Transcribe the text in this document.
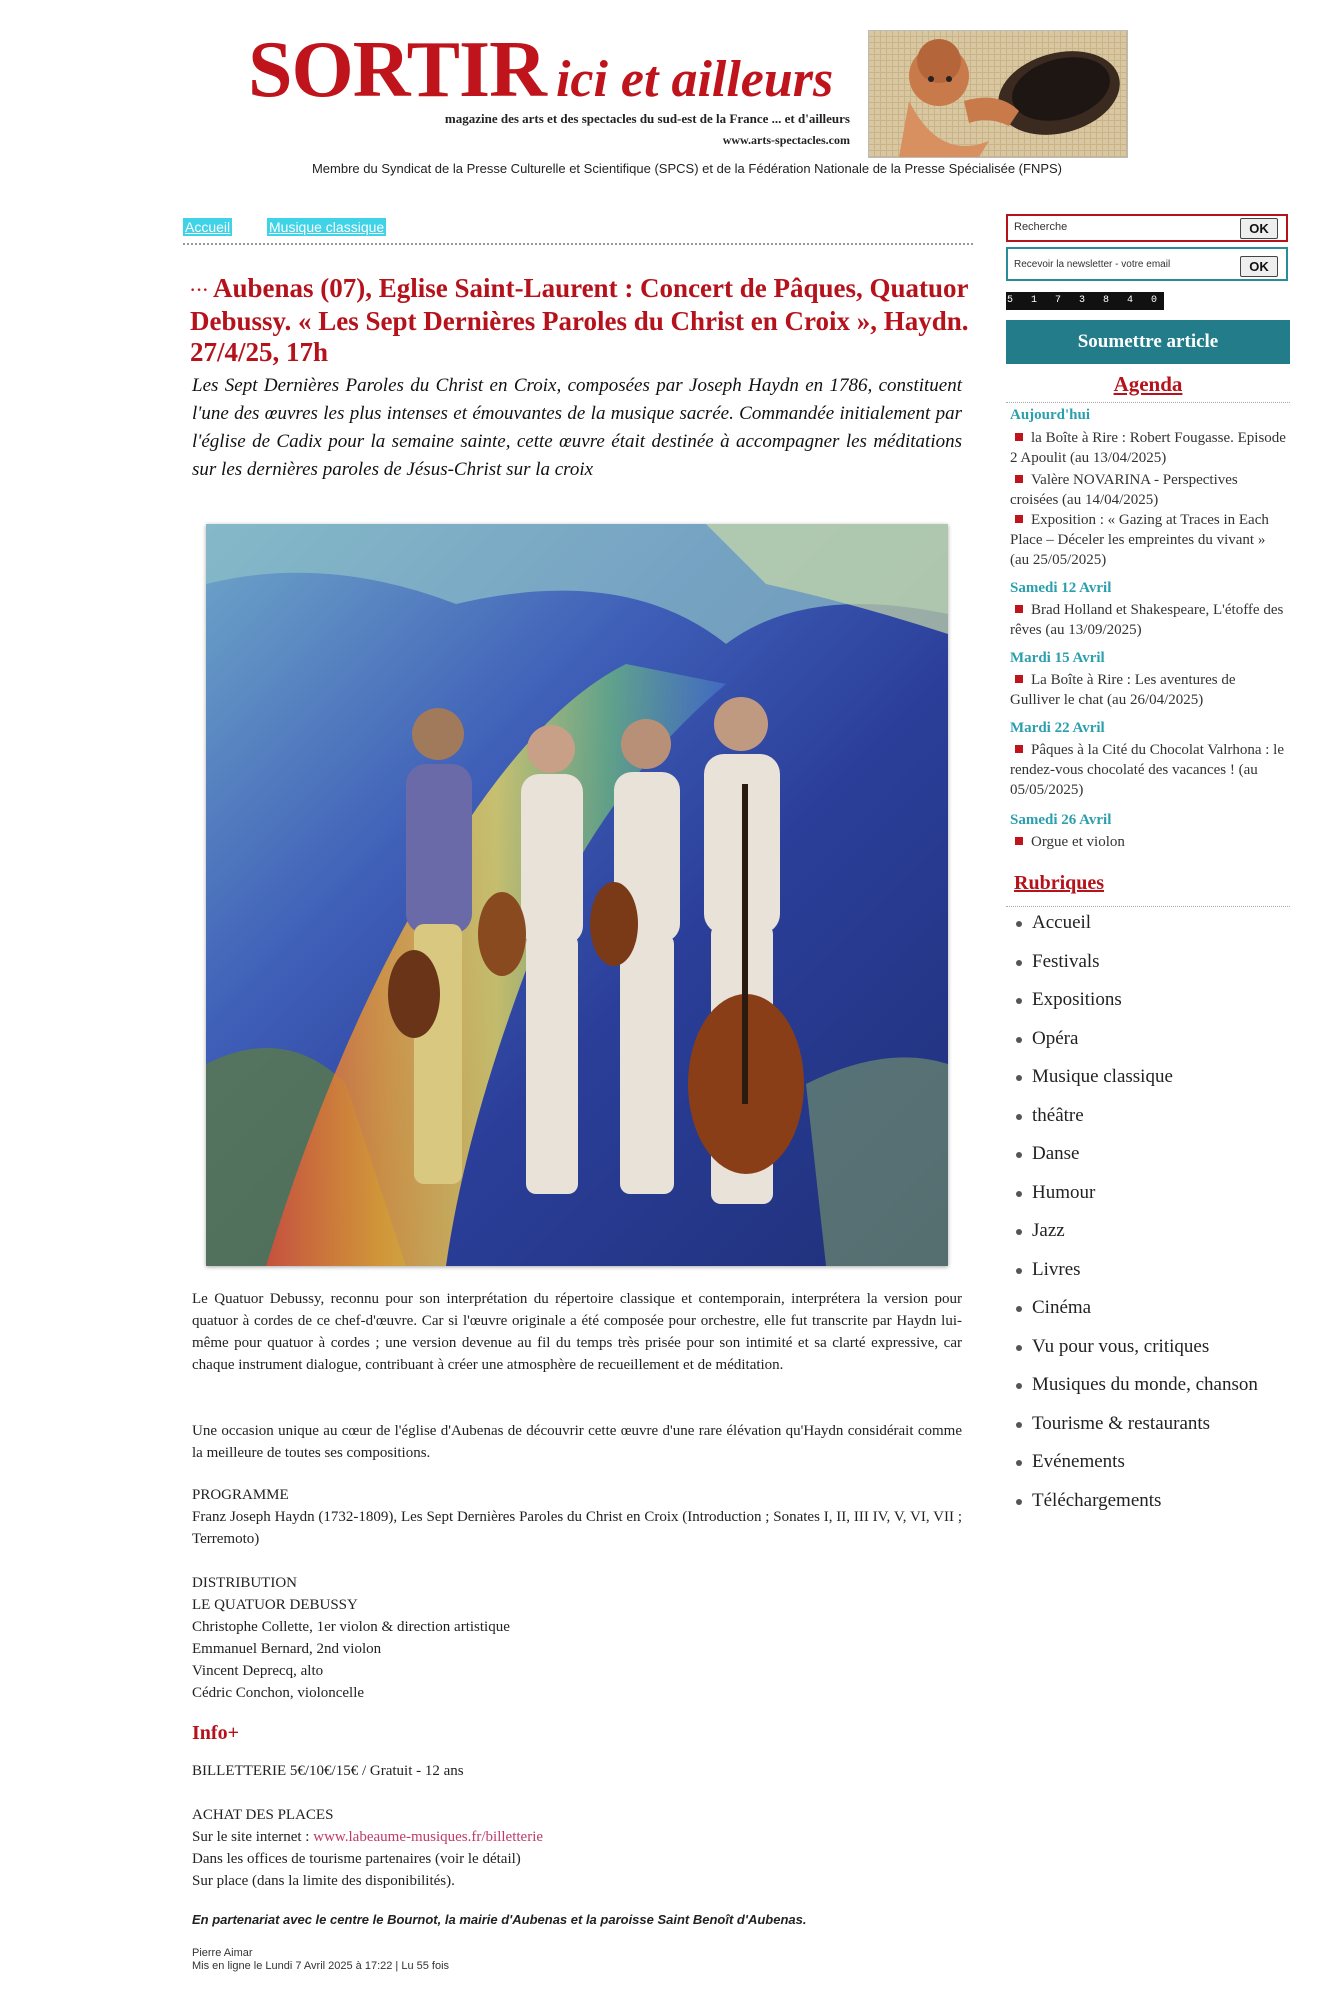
SORTIR ici et ailleurs
magazine des arts et des spectacles du sud-est de la France ... et d'ailleurs
www.arts-spectacles.com
Membre du Syndicat de la Presse Culturelle et Scientifique (SPCS) et de la Fédération Nationale de la Presse Spécialisée (FNPS)
Accueil	Musique classique
··· Aubenas (07), Eglise Saint-Laurent : Concert de Pâques, Quatuor Debussy. « Les Sept Dernières Paroles du Christ en Croix », Haydn. 27/4/25, 17h
Les Sept Dernières Paroles du Christ en Croix, composées par Joseph Haydn en 1786, constituent l'une des œuvres les plus intenses et émouvantes de la musique sacrée. Commandée initialement par l'église de Cadix pour la semaine sainte, cette œuvre était destinée à accompagner les méditations sur les dernières paroles de Jésus-Christ sur la croix
Le Quatuor Debussy, reconnu pour son interprétation du répertoire classique et contemporain, interprétera la version pour quatuor à cordes de ce chef-d'œuvre. Car si l'œuvre originale a été composée pour orchestre, elle fut transcrite par Haydn lui-même pour quatuor à cordes ; une version devenue au fil du temps très prisée pour son intimité et sa clarté expressive, car chaque instrument dialogue, contribuant à créer une atmosphère de recueillement et de méditation.
Une occasion unique au cœur de l'église d'Aubenas de découvrir cette œuvre d'une rare élévation qu'Haydn considérait comme la meilleure de toutes ses compositions.
PROGRAMME
Franz Joseph Haydn (1732-1809), Les Sept Dernières Paroles du Christ en Croix (Introduction ; Sonates I, II, III IV, V, VI, VII ; Terremoto)
DISTRIBUTION
LE QUATUOR DEBUSSY
Christophe Collette, 1er violon & direction artistique
Emmanuel Bernard, 2nd violon
Vincent Deprecq, alto
Cédric Conchon, violoncelle
Info+
BILLETTERIE 5€/10€/15€ / Gratuit - 12 ans
ACHAT DES PLACES
Sur le site internet : www.labeaume-musiques.fr/billetterie
Dans les offices de tourisme partenaires (voir le détail)
Sur place (dans la limite des disponibilités).
En partenariat avec le centre le Bournot, la mairie d'Aubenas et la paroisse Saint Benoît d'Aubenas.
Pierre Aimar
Mis en ligne le Lundi 7 Avril 2025 à 17:22 | Lu 55 fois
Recherche	OK
Recevoir la newsletter - votre email	OK
5 1 7 3 8 4 0
Soumettre article
Agenda
Aujourd'hui
la Boîte à Rire : Robert Fougasse. Episode 2 Apoulit (au 13/04/2025)
Valère NOVARINA - Perspectives croisées (au 14/04/2025)
Exposition : « Gazing at Traces in Each Place – Déceler les empreintes du vivant » (au 25/05/2025)
Samedi 12 Avril
Brad Holland et Shakespeare, L'étoffe des rêves (au 13/09/2025)
Mardi 15 Avril
La Boîte à Rire : Les aventures de Gulliver le chat (au 26/04/2025)
Mardi 22 Avril
Pâques à la Cité du Chocolat Valrhona : le rendez-vous chocolaté des vacances ! (au 05/05/2025)
Samedi 26 Avril
Orgue et violon
Rubriques
Accueil
Festivals
Expositions
Opéra
Musique classique
théâtre
Danse
Humour
Jazz
Livres
Cinéma
Vu pour vous, critiques
Musiques du monde, chanson
Tourisme & restaurants
Evénements
Téléchargements
